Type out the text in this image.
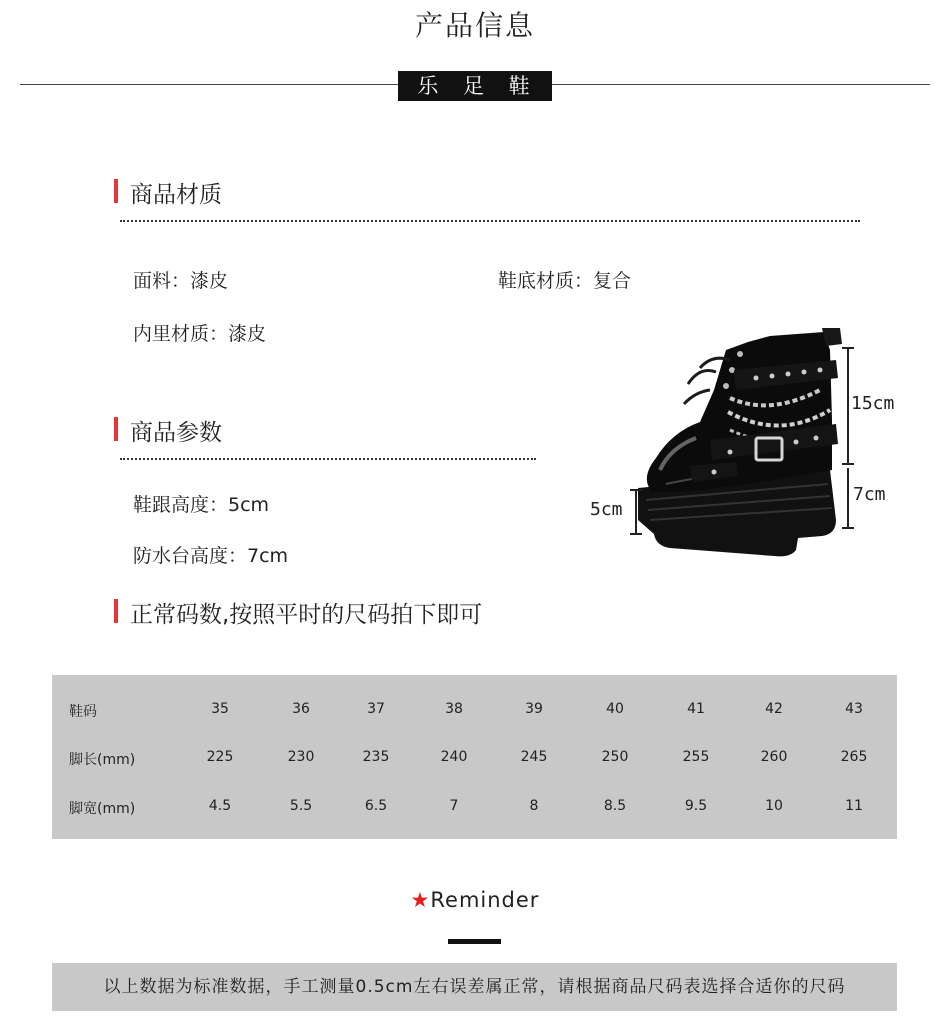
产品信息
乐 足 鞋 业
商品材质
面料：漆皮	鞋底材质：复合
内里材质：漆皮
商品参数
鞋跟高度：5cm
防水台高度：7cm
15cm
7cm
5cm
正常码数,按照平时的尺码拍下即可
鞋码	35	36	37	38	39	40	41	42	43
脚长(mm)	225	230	235	240	245	250	255	260	265
脚宽(mm)	4.5	5.5	6.5	7	8	8.5	9.5	10	11
★Reminder
以上数据为标准数据，手工测量0.5cm左右误差属正常，请根据商品尺码表选择合适你的尺码
